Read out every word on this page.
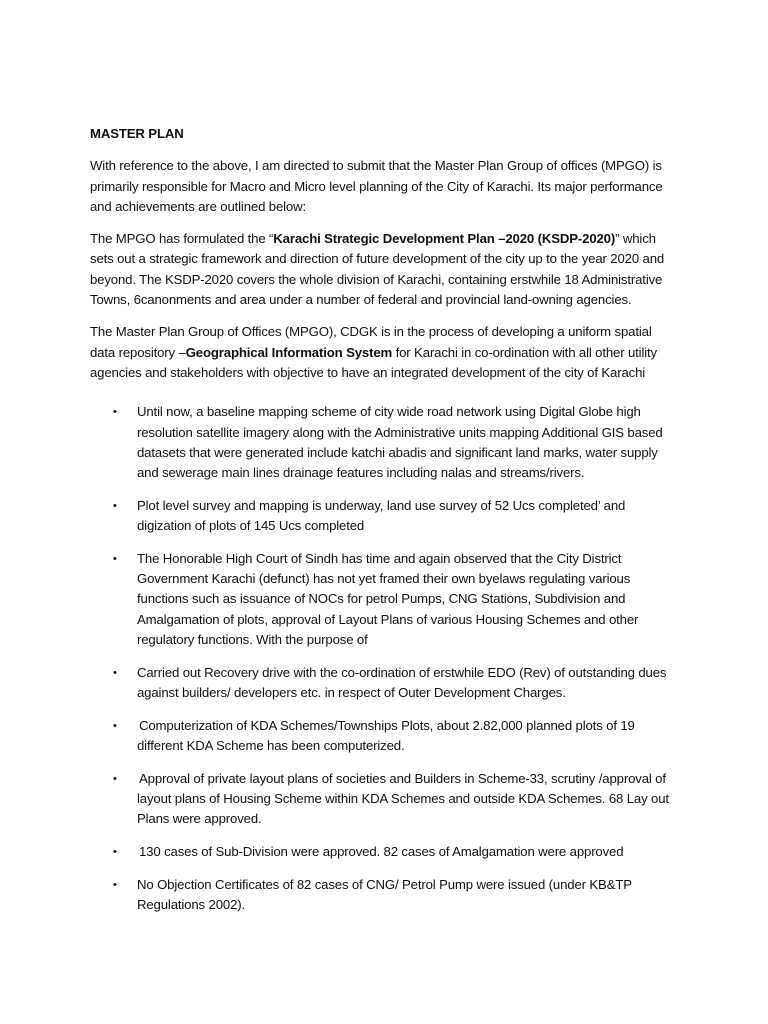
MASTER PLAN

With reference to the above, I am directed to submit that the Master Plan Group of offices (MPGO) is primarily responsible for Macro and Micro level planning of the City of Karachi. Its major performance and achievements are outlined below:

The MPGO has formulated the “Karachi Strategic Development Plan –2020 (KSDP-2020)” which sets out a strategic framework and direction of future development of the city up to the year 2020 and beyond. The KSDP-2020 covers the whole division of Karachi, containing erstwhile 18 Administrative Towns, 6canonments and area under a number of federal and provincial land-owning agencies.

The Master Plan Group of Offices (MPGO), CDGK is in the process of developing a uniform spatial data repository –Geographical Information System for Karachi in co-ordination with all other utility agencies and stakeholders with objective to have an integrated development of the city of Karachi

• Until now, a baseline mapping scheme of city wide road network using Digital Globe high resolution satellite imagery along with the Administrative units mapping Additional GIS based datasets that were generated include katchi abadis and significant land marks, water supply and sewerage main lines drainage features including nalas and streams/rivers.
• Plot level survey and mapping is underway, land use survey of 52 Ucs completed’ and digization of plots of 145 Ucs completed
• The Honorable High Court of Sindh has time and again observed that the City District Government Karachi (defunct) has not yet framed their own byelaws regulating various functions such as issuance of NOCs for petrol Pumps, CNG Stations, Subdivision and Amalgamation of plots, approval of Layout Plans of various Housing Schemes and other regulatory functions. With the purpose of
• Carried out Recovery drive with the co-ordination of erstwhile EDO (Rev) of outstanding dues against builders/ developers etc. in respect of Outer Development Charges.
• Computerization of KDA Schemes/Townships Plots, about 2.82,000 planned plots of 19 different KDA Scheme has been computerized.
• Approval of private layout plans of societies and Builders in Scheme-33, scrutiny /approval of layout plans of Housing Scheme within KDA Schemes and outside KDA Schemes. 68 Lay out Plans were approved.
• 130 cases of Sub-Division were approved. 82 cases of Amalgamation were approved
• No Objection Certificates of 82 cases of CNG/ Petrol Pump were issued (under KB&TP Regulations 2002).
